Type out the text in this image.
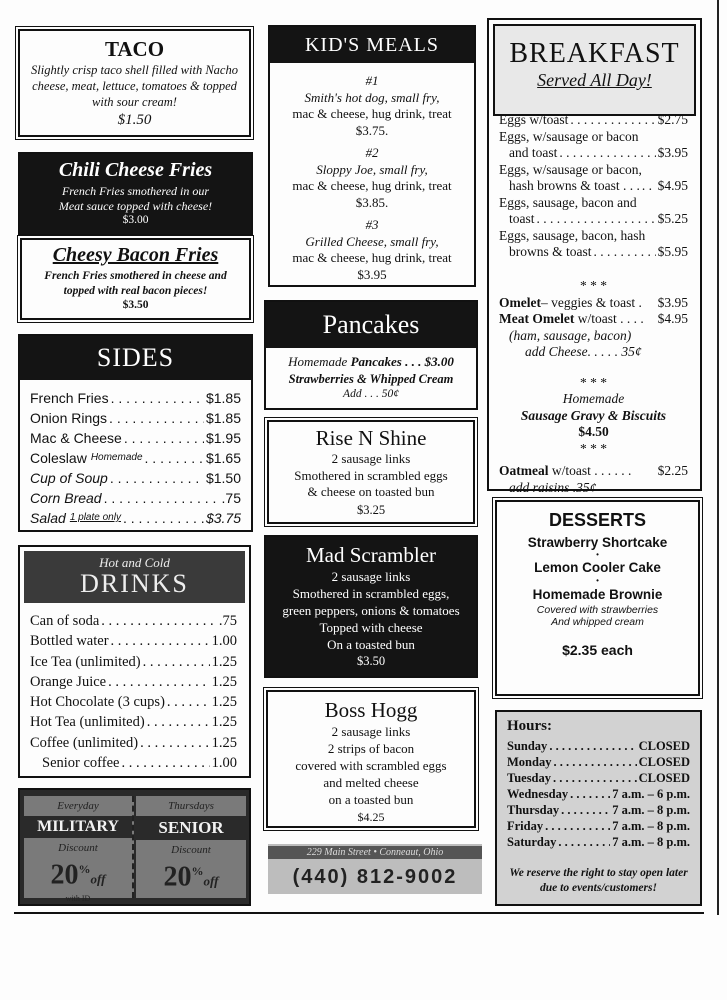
TACO
Slightly crisp taco shell filled with Nacho cheese, meat, lettuce, tomatoes & topped with sour cream!
$1.50
Chili Cheese Fries
French Fries smothered in our Meat sauce topped with cheese!
$3.00
Cheesy Bacon Fries
French Fries smothered in cheese and topped with real bacon pieces!
$3.50
SIDES
French Fries . . .	$1.85
Onion Rings . . .	$1.85
Mac & Cheese . . .	$1.95
Coleslaw Homemade . . .	$1.65
Cup of Soup . . .	$1.50
Corn Bread . . .	.75
Salad 1 plate only . . .	$3.75
Hot and Cold
DRINKS
Can of soda . . .	.75
Bottled water . . .	1.00
Ice Tea (unlimited) . . .	1.25
Orange Juice . . .	1.25
Hot Chocolate (3 cups) . . .	1.25
Hot Tea (unlimited) . . .	1.25
Coffee (unlimited) . . .	1.25
Senior coffee . . .	1.00
Everyday
MILITARY
Discount
20%off
with ID
Thursdays
SENIOR
Discount
20%off
KID'S MEALS
#1
Smith's hot dog, small fry,
mac & cheese, hug drink, treat
$3.75.
#2
Sloppy Joe, small fry,
mac & cheese, hug drink, treat
$3.85.
#3
Grilled Cheese, small fry,
mac & cheese, hug drink, treat
$3.95
Pancakes
Homemade Pancakes . . . $3.00
Strawberries & Whipped Cream
Add . . . 50¢
Rise N Shine
2 sausage links
Smothered in scrambled eggs
& cheese on toasted bun
$3.25
Mad Scrambler
2 sausage links
Smothered in scrambled eggs,
green peppers, onions & tomatoes
Topped with cheese
On a toasted bun
$3.50
Boss Hogg
2 sausage links
2 strips of bacon
covered with scrambled eggs
and melted cheese
on a toasted bun
$4.25
229 Main Street • Conneaut, Ohio
(440) 812-9002
BREAKFAST
Served All Day!
Eggs w/toast . . .	$2.75
Eggs, w/sausage or bacon
and toast . . .	$3.95
Eggs, w/sausage or bacon,
hash browns & toast . . . . . . $4.95
Eggs, sausage, bacon and
toast . . .	$5.25
Eggs, sausage, bacon, hash
browns & toast . . .	$5.95
* * *
Omelet– veggies & toast . $3.95
Meat Omelet w/toast . . . . $4.95
(ham, sausage, bacon)
add Cheese. . . . . 35¢
* * *
Homemade
Sausage Gravy & Biscuits
$4.50
* * *
Oatmeal w/toast . . . . . . $2.25
add raisins .35¢
DESSERTS
Strawberry Shortcake
•
Lemon Cooler Cake
•
Homemade Brownie
Covered with strawberries
And whipped cream
$2.35 each
Hours:
Sunday . . .	CLOSED
Monday . . .	CLOSED
Tuesday . . .	CLOSED
Wednesday . . .	7 a.m. – 6 p.m.
Thursday . . .	7 a.m. – 8 p.m.
Friday . . .	7 a.m. – 8 p.m.
Saturday . . .	7 a.m. – 8 p.m.
We reserve the right to stay open later due to events/customers!
